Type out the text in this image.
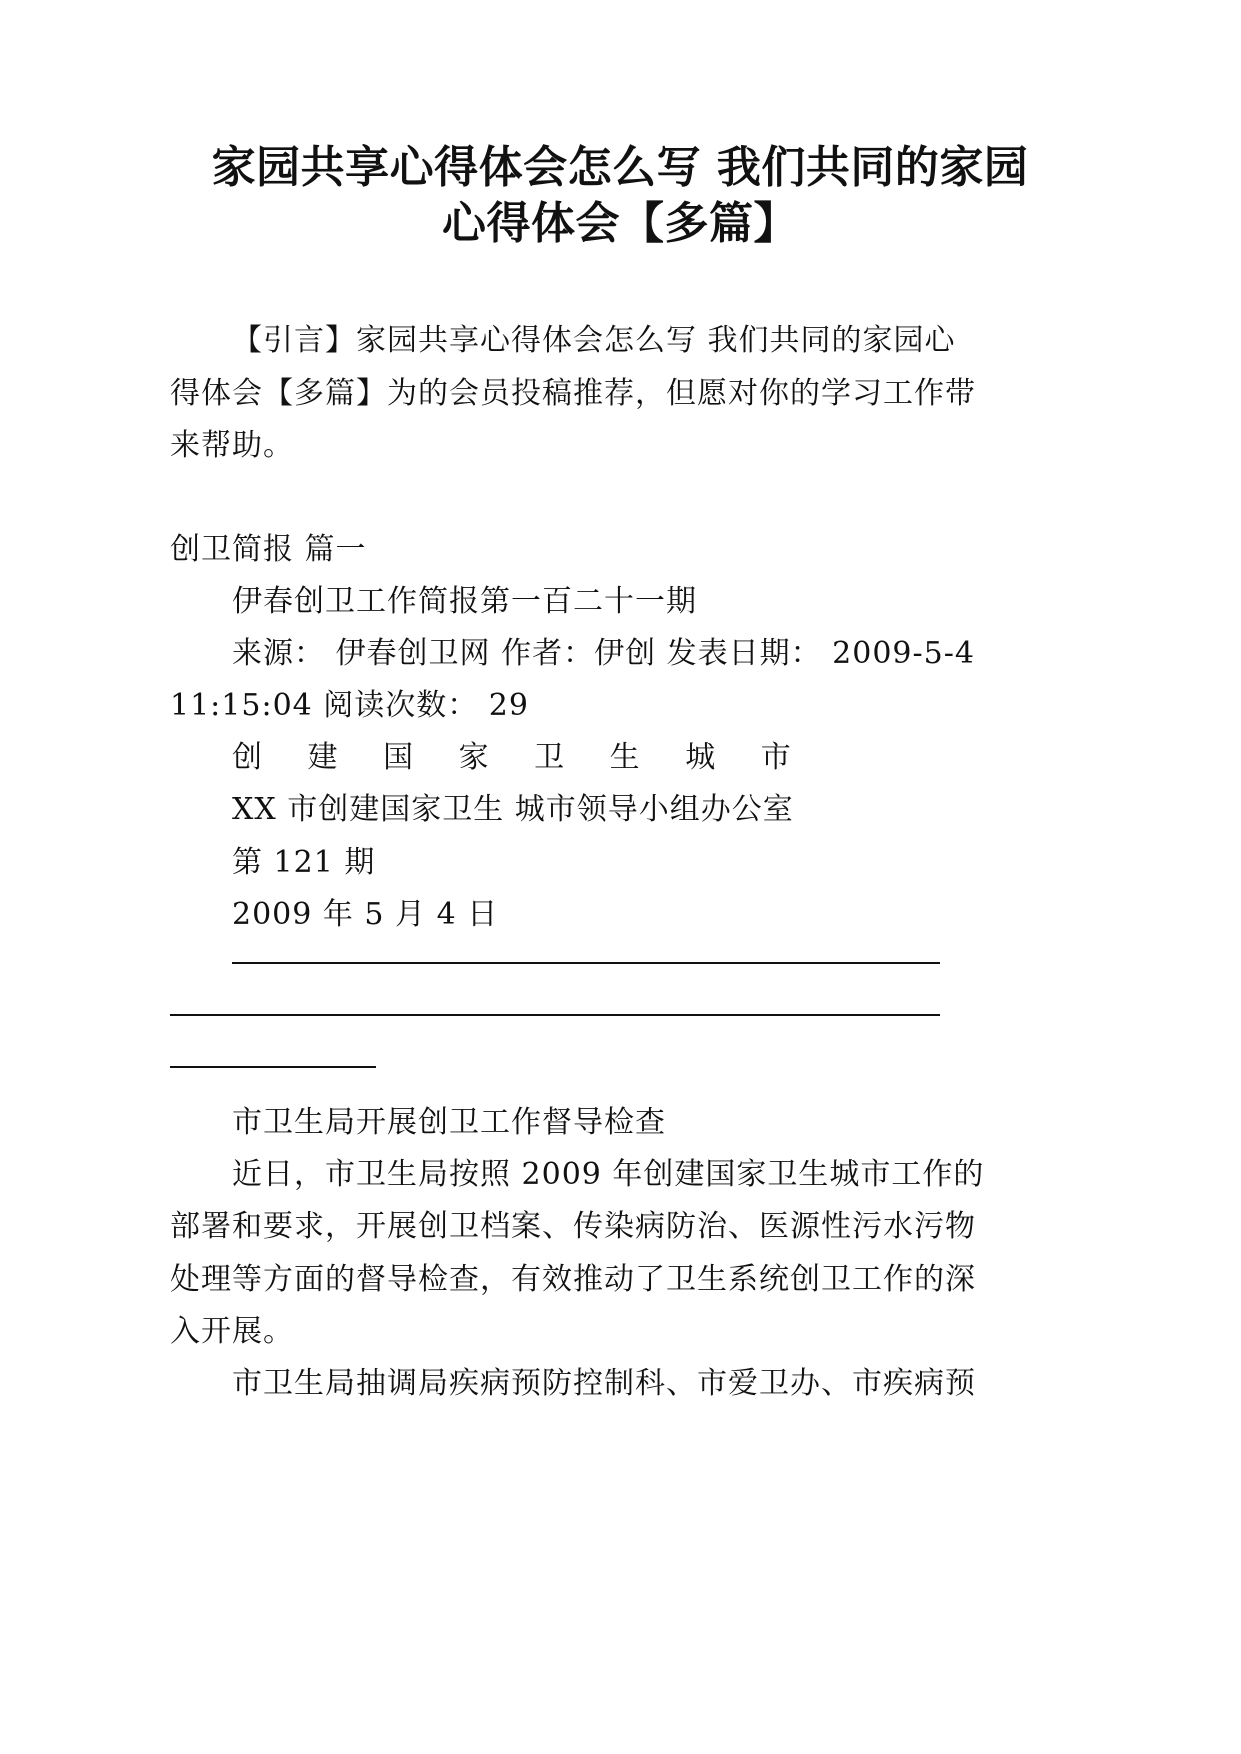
家园共享心得体会怎么写 我们共同的家园
心得体会【多篇】
【引言】家园共享心得体会怎么写 我们共同的家园心
得体会【多篇】为的会员投稿推荐，但愿对你的学习工作带
来帮助。
创卫简报 篇一
伊春创卫工作简报第一百二十一期
来源： 伊春创卫网 作者：伊创 发表日期： 2009-5-4
11:15:04 阅读次数： 29
创 建 国 家 卫 生 城 市
XX 市创建国家卫生 城市领导小组办公室
第 121 期
2009 年 5 月 4 日
市卫生局开展创卫工作督导检查
近日，市卫生局按照 2009 年创建国家卫生城市工作的
部署和要求，开展创卫档案、传染病防治、医源性污水污物
处理等方面的督导检查，有效推动了卫生系统创卫工作的深
入开展。
市卫生局抽调局疾病预防控制科、市爱卫办、市疾病预
